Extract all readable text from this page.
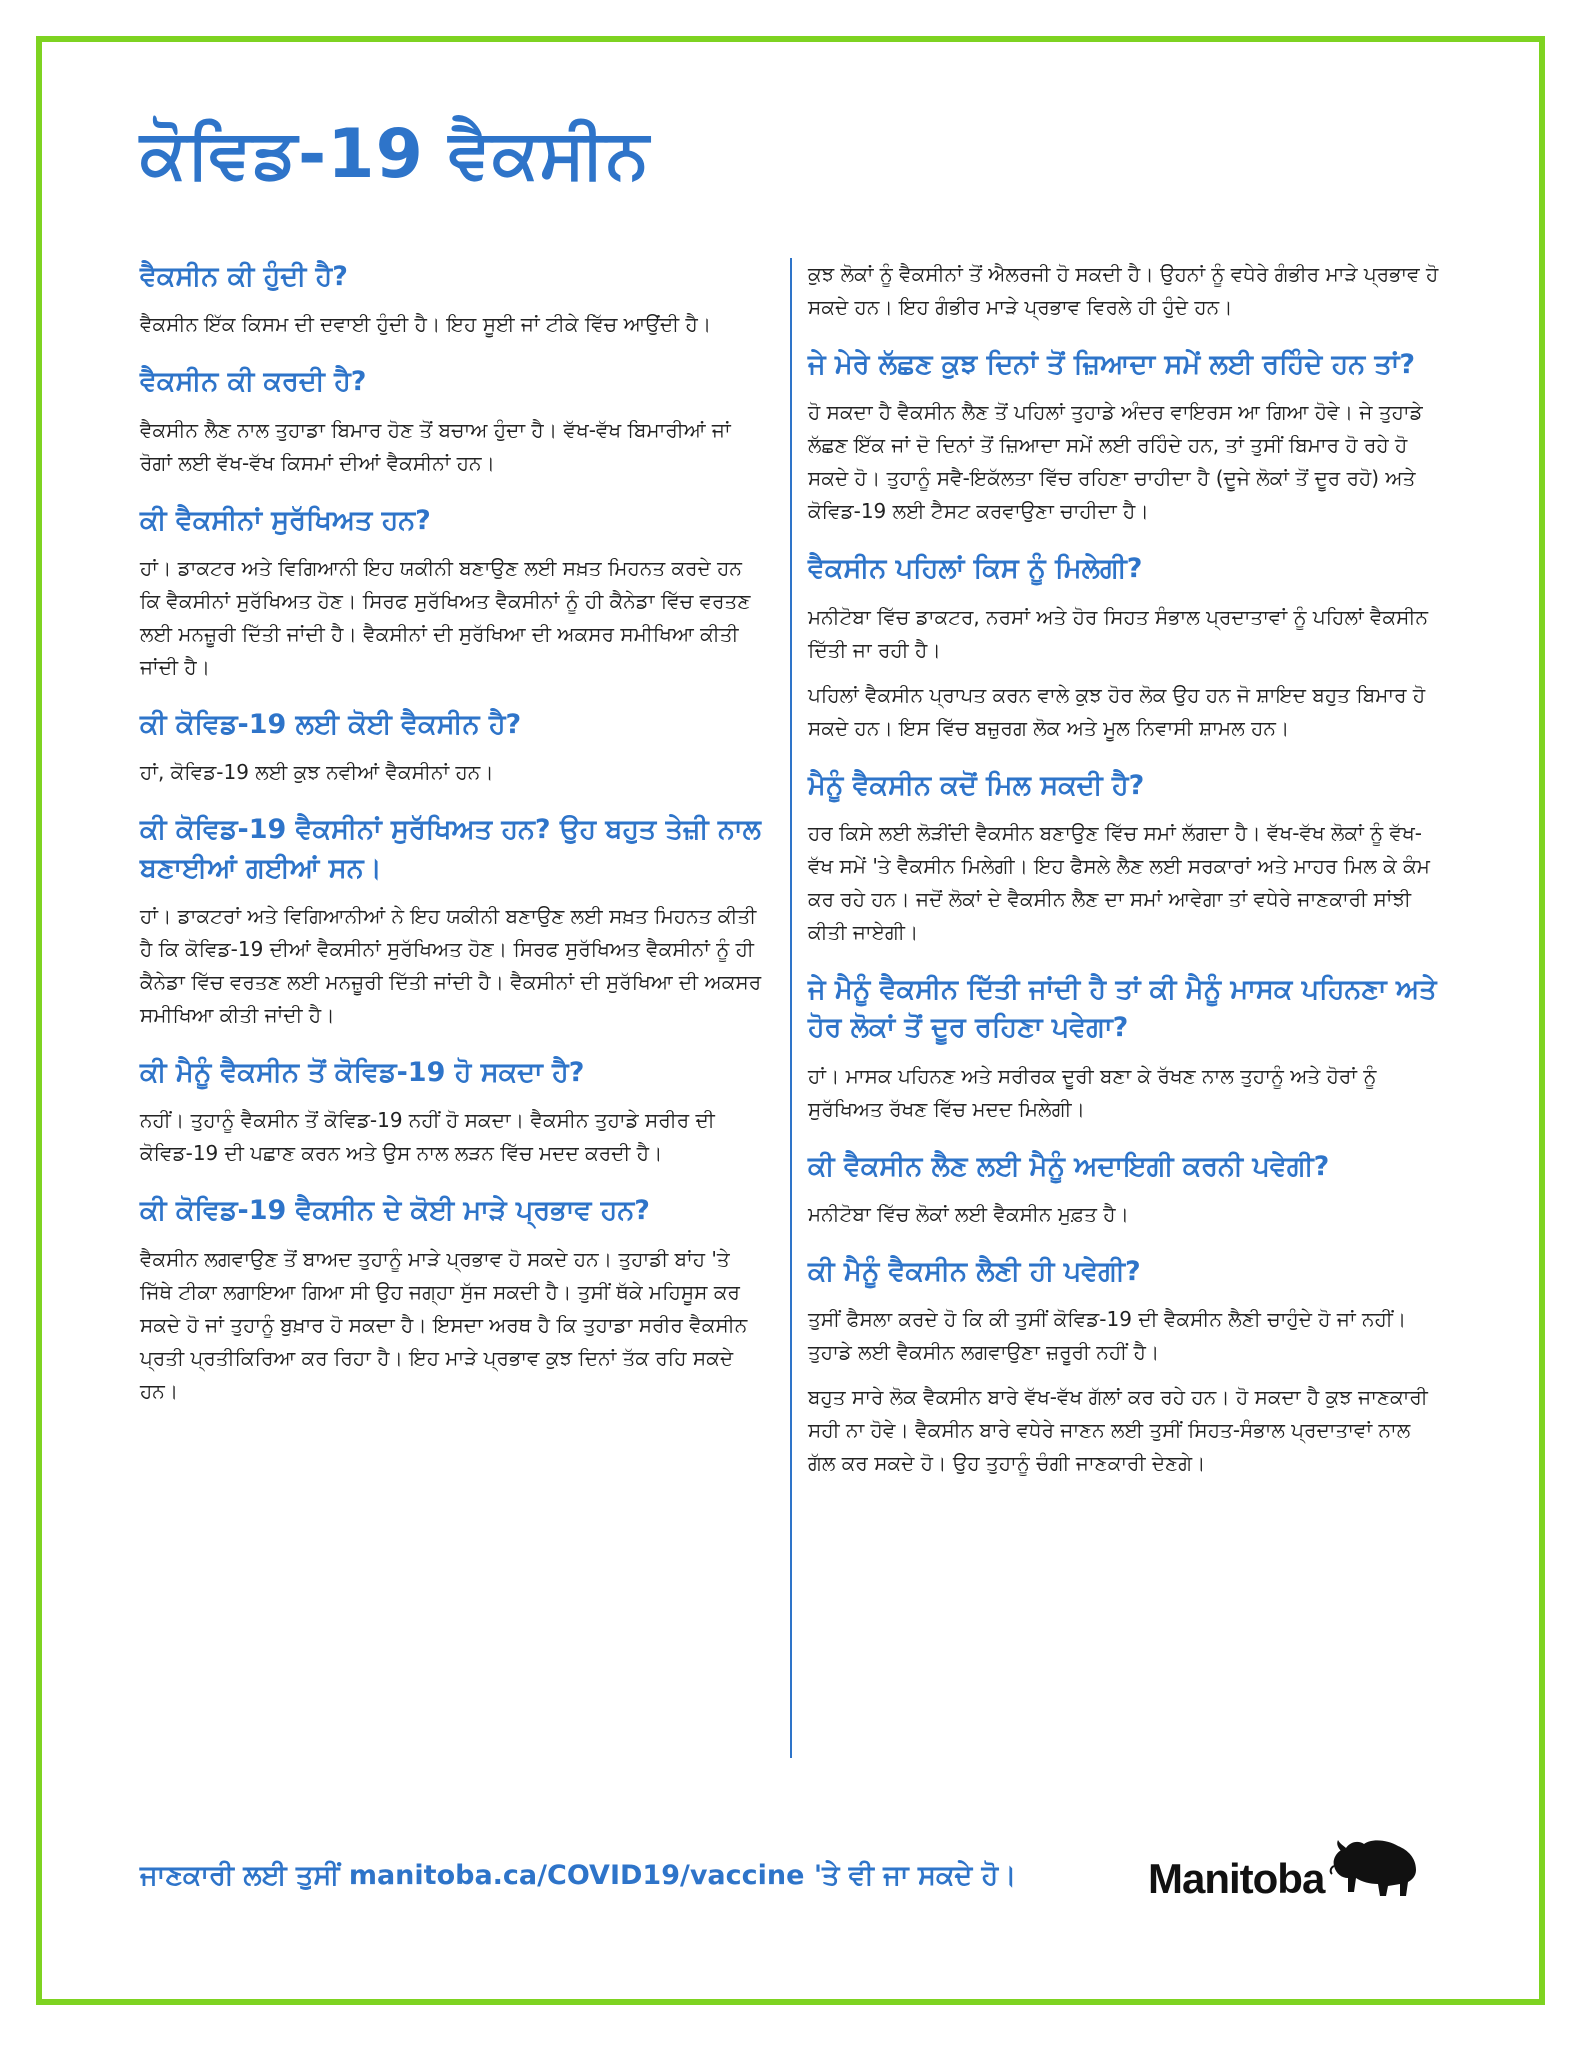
ਕੋਵਿਡ-19 ਵੈਕਸੀਨ
ਵੈਕਸੀਨ ਕੀ ਹੁੰਦੀ ਹੈ?

ਵੈਕਸੀਨ ਇੱਕ ਕਿਸਮ ਦੀ ਦਵਾਈ ਹੁੰਦੀ ਹੈ। ਇਹ ਸੂਈ ਜਾਂ ਟੀਕੇ ਵਿੱਚ ਆਉਂਦੀ ਹੈ।

ਵੈਕਸੀਨ ਕੀ ਕਰਦੀ ਹੈ?

ਵੈਕਸੀਨ ਲੈਣ ਨਾਲ ਤੁਹਾਡਾ ਬਿਮਾਰ ਹੋਣ ਤੋਂ ਬਚਾਅ ਹੁੰਦਾ ਹੈ। ਵੱਖ-ਵੱਖ ਬਿਮਾਰੀਆਂ ਜਾਂ ਰੋਗਾਂ ਲਈ ਵੱਖ-ਵੱਖ ਕਿਸਮਾਂ ਦੀਆਂ ਵੈਕਸੀਨਾਂ ਹਨ।

ਕੀ ਵੈਕਸੀਨਾਂ ਸੁਰੱਖਿਅਤ ਹਨ?

ਹਾਂ। ਡਾਕਟਰ ਅਤੇ ਵਿਗਿਆਨੀ ਇਹ ਯਕੀਨੀ ਬਣਾਉਣ ਲਈ ਸਖ਼ਤ ਮਿਹਨਤ ਕਰਦੇ ਹਨ ਕਿ ਵੈਕਸੀਨਾਂ ਸੁਰੱਖਿਅਤ ਹੋਣ। ਸਿਰਫ ਸੁਰੱਖਿਅਤ ਵੈਕਸੀਨਾਂ ਨੂੰ ਹੀ ਕੈਨੇਡਾ ਵਿੱਚ ਵਰਤਣ ਲਈ ਮਨਜ਼ੂਰੀ ਦਿੱਤੀ ਜਾਂਦੀ ਹੈ। ਵੈਕਸੀਨਾਂ ਦੀ ਸੁਰੱਖਿਆ ਦੀ ਅਕਸਰ ਸਮੀਖਿਆ ਕੀਤੀ ਜਾਂਦੀ ਹੈ।

ਕੀ ਕੋਵਿਡ-19 ਲਈ ਕੋਈ ਵੈਕਸੀਨ ਹੈ?

ਹਾਂ, ਕੋਵਿਡ-19 ਲਈ ਕੁਝ ਨਵੀਆਂ ਵੈਕਸੀਨਾਂ ਹਨ।

ਕੀ ਕੋਵਿਡ-19 ਵੈਕਸੀਨਾਂ ਸੁਰੱਖਿਅਤ ਹਨ? ਉਹ ਬਹੁਤ ਤੇਜ਼ੀ ਨਾਲ ਬਣਾਈਆਂ ਗਈਆਂ ਸਨ।

ਹਾਂ। ਡਾਕਟਰਾਂ ਅਤੇ ਵਿਗਿਆਨੀਆਂ ਨੇ ਇਹ ਯਕੀਨੀ ਬਣਾਉਣ ਲਈ ਸਖ਼ਤ ਮਿਹਨਤ ਕੀਤੀ ਹੈ ਕਿ ਕੋਵਿਡ-19 ਦੀਆਂ ਵੈਕਸੀਨਾਂ ਸੁਰੱਖਿਅਤ ਹੋਣ। ਸਿਰਫ ਸੁਰੱਖਿਅਤ ਵੈਕਸੀਨਾਂ ਨੂੰ ਹੀ ਕੈਨੇਡਾ ਵਿੱਚ ਵਰਤਣ ਲਈ ਮਨਜ਼ੂਰੀ ਦਿੱਤੀ ਜਾਂਦੀ ਹੈ। ਵੈਕਸੀਨਾਂ ਦੀ ਸੁਰੱਖਿਆ ਦੀ ਅਕਸਰ ਸਮੀਖਿਆ ਕੀਤੀ ਜਾਂਦੀ ਹੈ।

ਕੀ ਮੈਨੂੰ ਵੈਕਸੀਨ ਤੋਂ ਕੋਵਿਡ-19 ਹੋ ਸਕਦਾ ਹੈ?

ਨਹੀਂ। ਤੁਹਾਨੂੰ ਵੈਕਸੀਨ ਤੋਂ ਕੋਵਿਡ-19 ਨਹੀਂ ਹੋ ਸਕਦਾ। ਵੈਕਸੀਨ ਤੁਹਾਡੇ ਸਰੀਰ ਦੀ ਕੋਵਿਡ-19 ਦੀ ਪਛਾਣ ਕਰਨ ਅਤੇ ਉਸ ਨਾਲ ਲੜਨ ਵਿੱਚ ਮਦਦ ਕਰਦੀ ਹੈ।

ਕੀ ਕੋਵਿਡ-19 ਵੈਕਸੀਨ ਦੇ ਕੋਈ ਮਾੜੇ ਪ੍ਰਭਾਵ ਹਨ?

ਵੈਕਸੀਨ ਲਗਵਾਉਣ ਤੋਂ ਬਾਅਦ ਤੁਹਾਨੂੰ ਮਾੜੇ ਪ੍ਰਭਾਵ ਹੋ ਸਕਦੇ ਹਨ। ਤੁਹਾਡੀ ਬਾਂਹ 'ਤੇ ਜਿੱਥੇ ਟੀਕਾ ਲਗਾਇਆ ਗਿਆ ਸੀ ਉਹ ਜਗ੍ਹਾ ਸੁੱਜ ਸਕਦੀ ਹੈ। ਤੁਸੀਂ ਥੱਕੇ ਮਹਿਸੂਸ ਕਰ ਸਕਦੇ ਹੋ ਜਾਂ ਤੁਹਾਨੂੰ ਬੁਖ਼ਾਰ ਹੋ ਸਕਦਾ ਹੈ। ਇਸਦਾ ਅਰਥ ਹੈ ਕਿ ਤੁਹਾਡਾ ਸਰੀਰ ਵੈਕਸੀਨ ਪ੍ਰਤੀ ਪ੍ਰਤੀਕਿਰਿਆ ਕਰ ਰਿਹਾ ਹੈ। ਇਹ ਮਾੜੇ ਪ੍ਰਭਾਵ ਕੁਝ ਦਿਨਾਂ ਤੱਕ ਰਹਿ ਸਕਦੇ ਹਨ।

ਕੁਝ ਲੋਕਾਂ ਨੂੰ ਵੈਕਸੀਨਾਂ ਤੋਂ ਐਲਰਜੀ ਹੋ ਸਕਦੀ ਹੈ। ਉਹਨਾਂ ਨੂੰ ਵਧੇਰੇ ਗੰਭੀਰ ਮਾੜੇ ਪ੍ਰਭਾਵ ਹੋ ਸਕਦੇ ਹਨ। ਇਹ ਗੰਭੀਰ ਮਾੜੇ ਪ੍ਰਭਾਵ ਵਿਰਲੇ ਹੀ ਹੁੰਦੇ ਹਨ।

ਜੇ ਮੇਰੇ ਲੱਛਣ ਕੁਝ ਦਿਨਾਂ ਤੋਂ ਜ਼ਿਆਦਾ ਸਮੇਂ ਲਈ ਰਹਿੰਦੇ ਹਨ ਤਾਂ?

ਹੋ ਸਕਦਾ ਹੈ ਵੈਕਸੀਨ ਲੈਣ ਤੋਂ ਪਹਿਲਾਂ ਤੁਹਾਡੇ ਅੰਦਰ ਵਾਇਰਸ ਆ ਗਿਆ ਹੋਵੇ। ਜੇ ਤੁਹਾਡੇ ਲੱਛਣ ਇੱਕ ਜਾਂ ਦੋ ਦਿਨਾਂ ਤੋਂ ਜ਼ਿਆਦਾ ਸਮੇਂ ਲਈ ਰਹਿੰਦੇ ਹਨ, ਤਾਂ ਤੁਸੀਂ ਬਿਮਾਰ ਹੋ ਰਹੇ ਹੋ ਸਕਦੇ ਹੋ। ਤੁਹਾਨੂੰ ਸਵੈ-ਇਕੱਲਤਾ ਵਿੱਚ ਰਹਿਣਾ ਚਾਹੀਦਾ ਹੈ (ਦੂਜੇ ਲੋਕਾਂ ਤੋਂ ਦੂਰ ਰਹੋ) ਅਤੇ ਕੋਵਿਡ-19 ਲਈ ਟੈਸਟ ਕਰਵਾਉਣਾ ਚਾਹੀਦਾ ਹੈ।

ਵੈਕਸੀਨ ਪਹਿਲਾਂ ਕਿਸ ਨੂੰ ਮਿਲੇਗੀ?

ਮਨੀਟੋਬਾ ਵਿੱਚ ਡਾਕਟਰ, ਨਰਸਾਂ ਅਤੇ ਹੋਰ ਸਿਹਤ ਸੰਭਾਲ ਪ੍ਰਦਾਤਾਵਾਂ ਨੂੰ ਪਹਿਲਾਂ ਵੈਕਸੀਨ ਦਿੱਤੀ ਜਾ ਰਹੀ ਹੈ।

ਪਹਿਲਾਂ ਵੈਕਸੀਨ ਪ੍ਰਾਪਤ ਕਰਨ ਵਾਲੇ ਕੁਝ ਹੋਰ ਲੋਕ ਉਹ ਹਨ ਜੋ ਸ਼ਾਇਦ ਬਹੁਤ ਬਿਮਾਰ ਹੋ ਸਕਦੇ ਹਨ। ਇਸ ਵਿੱਚ ਬਜ਼ੁਰਗ ਲੋਕ ਅਤੇ ਮੂਲ ਨਿਵਾਸੀ ਸ਼ਾਮਲ ਹਨ।

ਮੈਨੂੰ ਵੈਕਸੀਨ ਕਦੋਂ ਮਿਲ ਸਕਦੀ ਹੈ?

ਹਰ ਕਿਸੇ ਲਈ ਲੋੜੀਂਦੀ ਵੈਕਸੀਨ ਬਣਾਉਣ ਵਿੱਚ ਸਮਾਂ ਲੱਗਦਾ ਹੈ। ਵੱਖ-ਵੱਖ ਲੋਕਾਂ ਨੂੰ ਵੱਖ-ਵੱਖ ਸਮੇਂ 'ਤੇ ਵੈਕਸੀਨ ਮਿਲੇਗੀ। ਇਹ ਫੈਸਲੇ ਲੈਣ ਲਈ ਸਰਕਾਰਾਂ ਅਤੇ ਮਾਹਰ ਮਿਲ ਕੇ ਕੰਮ ਕਰ ਰਹੇ ਹਨ। ਜਦੋਂ ਲੋਕਾਂ ਦੇ ਵੈਕਸੀਨ ਲੈਣ ਦਾ ਸਮਾਂ ਆਵੇਗਾ ਤਾਂ ਵਧੇਰੇ ਜਾਣਕਾਰੀ ਸਾਂਝੀ ਕੀਤੀ ਜਾਏਗੀ।

ਜੇ ਮੈਨੂੰ ਵੈਕਸੀਨ ਦਿੱਤੀ ਜਾਂਦੀ ਹੈ ਤਾਂ ਕੀ ਮੈਨੂੰ ਮਾਸਕ ਪਹਿਨਣਾ ਅਤੇ ਹੋਰ ਲੋਕਾਂ ਤੋਂ ਦੂਰ ਰਹਿਣਾ ਪਵੇਗਾ?

ਹਾਂ। ਮਾਸਕ ਪਹਿਨਣ ਅਤੇ ਸਰੀਰਕ ਦੂਰੀ ਬਣਾ ਕੇ ਰੱਖਣ ਨਾਲ ਤੁਹਾਨੂੰ ਅਤੇ ਹੋਰਾਂ ਨੂੰ ਸੁਰੱਖਿਅਤ ਰੱਖਣ ਵਿੱਚ ਮਦਦ ਮਿਲੇਗੀ।

ਕੀ ਵੈਕਸੀਨ ਲੈਣ ਲਈ ਮੈਨੂੰ ਅਦਾਇਗੀ ਕਰਨੀ ਪਵੇਗੀ?

ਮਨੀਟੋਬਾ ਵਿੱਚ ਲੋਕਾਂ ਲਈ ਵੈਕਸੀਨ ਮੁਫ਼ਤ ਹੈ।

ਕੀ ਮੈਨੂੰ ਵੈਕਸੀਨ ਲੈਣੀ ਹੀ ਪਵੇਗੀ?

ਤੁਸੀਂ ਫੈਸਲਾ ਕਰਦੇ ਹੋ ਕਿ ਕੀ ਤੁਸੀਂ ਕੋਵਿਡ-19 ਦੀ ਵੈਕਸੀਨ ਲੈਣੀ ਚਾਹੁੰਦੇ ਹੋ ਜਾਂ ਨਹੀਂ। ਤੁਹਾਡੇ ਲਈ ਵੈਕਸੀਨ ਲਗਵਾਉਣਾ ਜ਼ਰੂਰੀ ਨਹੀਂ ਹੈ।

ਬਹੁਤ ਸਾਰੇ ਲੋਕ ਵੈਕਸੀਨ ਬਾਰੇ ਵੱਖ-ਵੱਖ ਗੱਲਾਂ ਕਰ ਰਹੇ ਹਨ। ਹੋ ਸਕਦਾ ਹੈ ਕੁਝ ਜਾਣਕਾਰੀ ਸਹੀ ਨਾ ਹੋਵੇ। ਵੈਕਸੀਨ ਬਾਰੇ ਵਧੇਰੇ ਜਾਣਨ ਲਈ ਤੁਸੀਂ ਸਿਹਤ-ਸੰਭਾਲ ਪ੍ਰਦਾਤਾਵਾਂ ਨਾਲ ਗੱਲ ਕਰ ਸਕਦੇ ਹੋ। ਉਹ ਤੁਹਾਨੂੰ ਚੰਗੀ ਜਾਣਕਾਰੀ ਦੇਣਗੇ।

ਜਾਣਕਾਰੀ ਲਈ ਤੁਸੀਂ manitoba.ca/COVID19/vaccine 'ਤੇ ਵੀ ਜਾ ਸਕਦੇ ਹੋ।	Manitoba
